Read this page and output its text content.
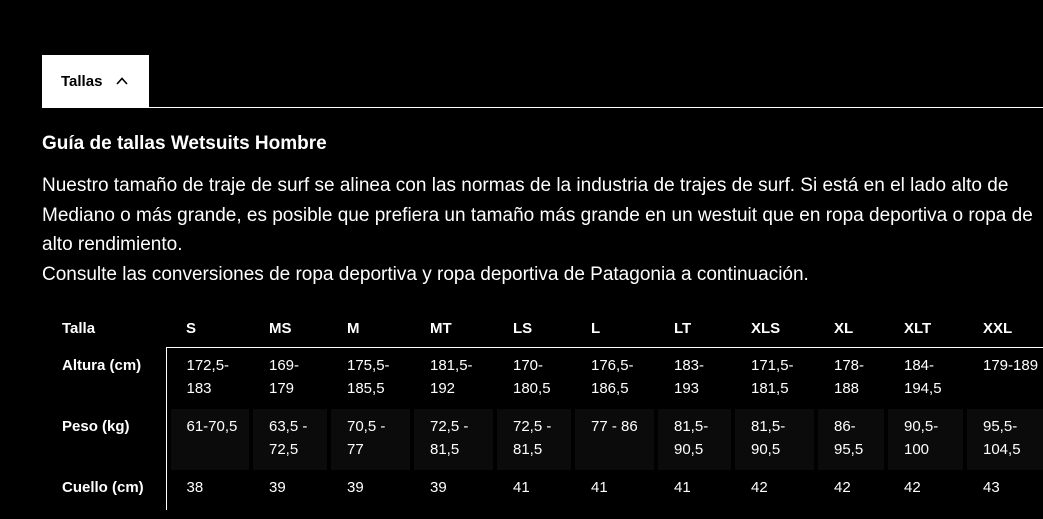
Tallas
Guía de tallas Wetsuits Hombre

Nuestro tamaño de traje de surf se alinea con las normas de la industria de trajes de surf. Si está en el lado alto de Mediano o más grande, es posible que prefiera un tamaño más grande en un westuit que en ropa deportiva o ropa de alto rendimiento.

Consulte las conversiones de ropa deportiva y ropa deportiva de Patagonia a continuación.

Talla	S	MS	M	MT	LS	L	LT	XLS	XL	XLT	XXL
Altura (cm)	172,5-183	169-179	175,5-185,5	181,5-192	170-180,5	176,5-186,5	183-193	171,5-181,5	178-188	184-194,5	179-189
Peso (kg)	61-70,5	63,5 - 72,5	70,5 - 77	72,5 - 81,5	72,5 - 81,5	77 - 86	81,5-90,5	81,5-90,5	86-95,5	90,5-100	95,5-104,5
Cuello (cm)	38	39	39	39	41	41	41	42	42	42	43
